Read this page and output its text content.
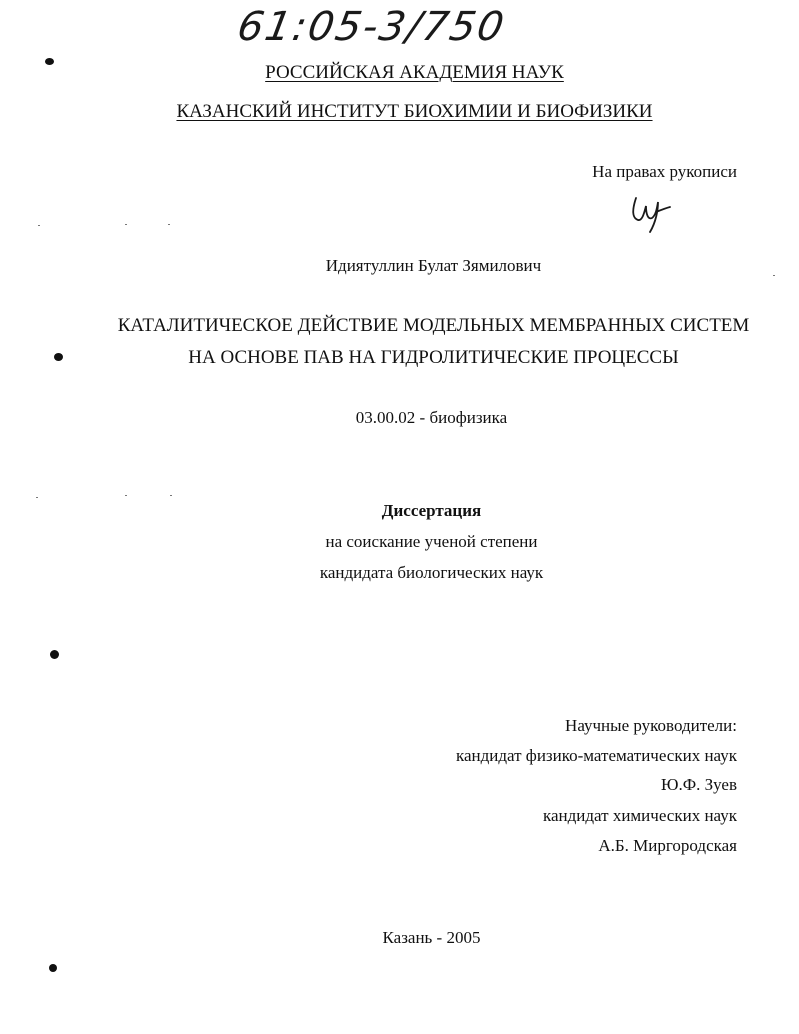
61:05-3/750
РОССИЙСКАЯ АКАДЕМИЯ НАУК
КАЗАНСКИЙ ИНСТИТУТ БИОХИМИИ И БИОФИЗИКИ
На правах рукописи
Идиятуллин Булат Зямилович
КАТАЛИТИЧЕСКОЕ ДЕЙСТВИЕ МОДЕЛЬНЫХ МЕМБРАННЫХ СИСТЕМ
НА ОСНОВЕ ПАВ НА ГИДРОЛИТИЧЕСКИЕ ПРОЦЕССЫ
03.00.02 - биофизика
Диссертация
на соискание ученой степени
кандидата биологических наук
Научные руководители:
кандидат физико-математических наук
Ю.Ф. Зуев
кандидат химических наук
А.Б. Миргородская
Казань - 2005
